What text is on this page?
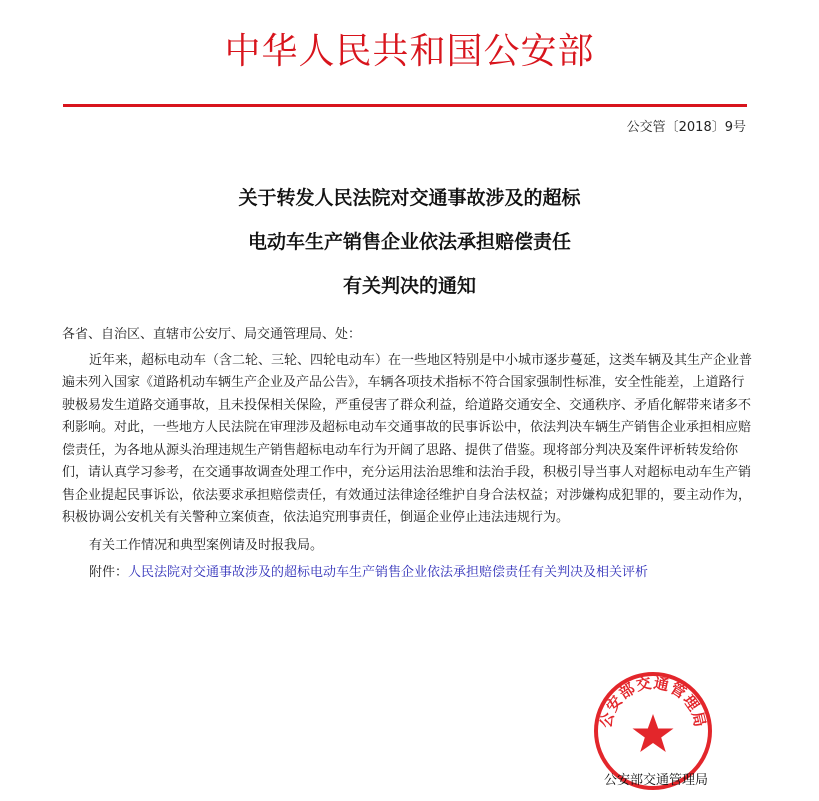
中华人民共和国公安部
公交管〔2018〕9号
关于转发人民法院对交通事故涉及的超标
电动车生产销售企业依法承担赔偿责任
有关判决的通知

各省、自治区、直辖市公安厅、局交通管理局、处：

近年来，超标电动车（含二轮、三轮、四轮电动车）在一些地区特别是中小城市逐步蔓延，这类车辆及其生产企业普遍未列入国家《道路机动车辆生产企业及产品公告》，车辆各项技术指标不符合国家强制性标准，安全性能差，上道路行驶极易发生道路交通事故，且未投保相关保险，严重侵害了群众利益，给道路交通安全、交通秩序、矛盾化解带来诸多不利影响。对此，一些地方人民法院在审理涉及超标电动车交通事故的民事诉讼中，依法判决车辆生产销售企业承担相应赔偿责任，为各地从源头治理违规生产销售超标电动车行为开阔了思路、提供了借鉴。现将部分判决及案件评析转发给你们，请认真学习参考，在交通事故调查处理工作中，充分运用法治思维和法治手段，积极引导当事人对超标电动车生产销售企业提起民事诉讼，依法要求承担赔偿责任，有效通过法律途径维护自身合法权益；对涉嫌构成犯罪的，要主动作为，积极协调公安机关有关警种立案侦查，依法追究刑事责任，倒逼企业停止违法违规行为。

有关工作情况和典型案例请及时报我局。

附件：人民法院对交通事故涉及的超标电动车生产销售企业依法承担赔偿责任有关判决及相关评析

公安部交通管理局
公安部交通管理局
